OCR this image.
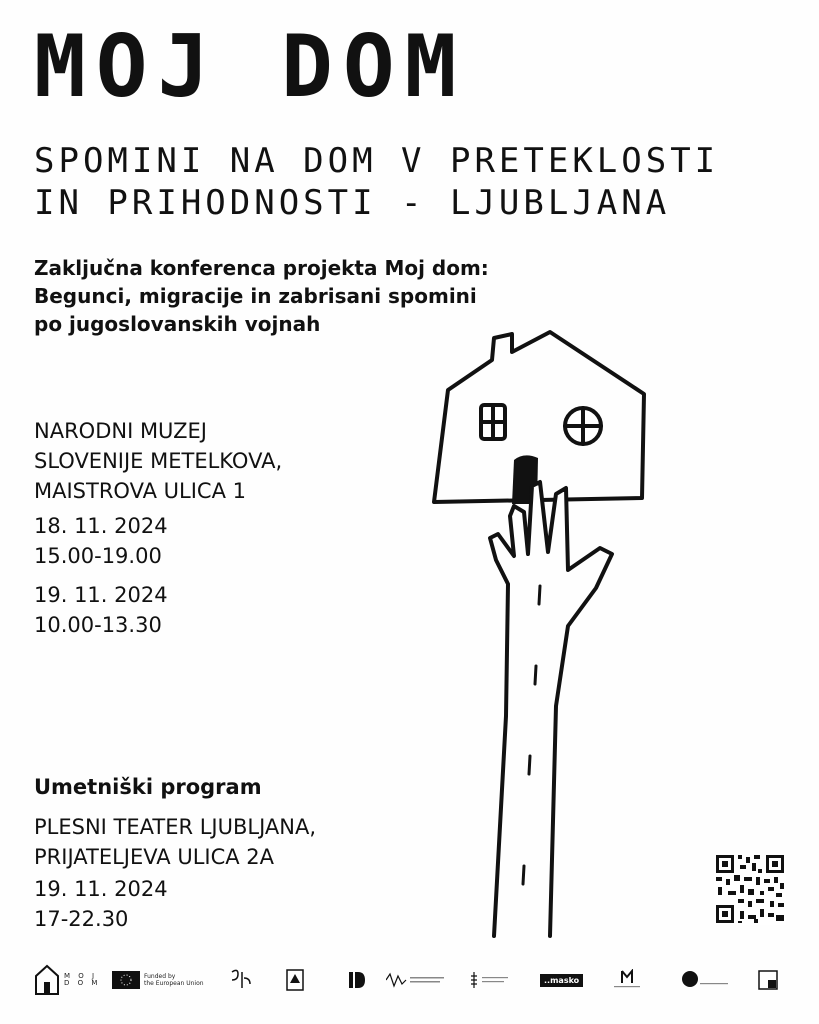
MOJ DOM
SPOMINI NA DOM V PRETEKLOSTI
IN PRIHODNOSTI - LJUBLJANA
Zaključna konferenca projekta Moj dom:
Begunci, migracije in zabrisani spomini
po jugoslovanskih vojnah
NARODNI MUZEJ
SLOVENIJE METELKOVA,
MAISTROVA ULICA 1
18. 11. 2024
15.00-19.00
19. 11. 2024
10.00-13.30
Umetniški program
PLESNI TEATER LJUBLJANA,
PRIJATELJEVA ULICA 2A
19. 11. 2024
17-22.30
M O J
D O M
Funded by
the European Union	..masko
